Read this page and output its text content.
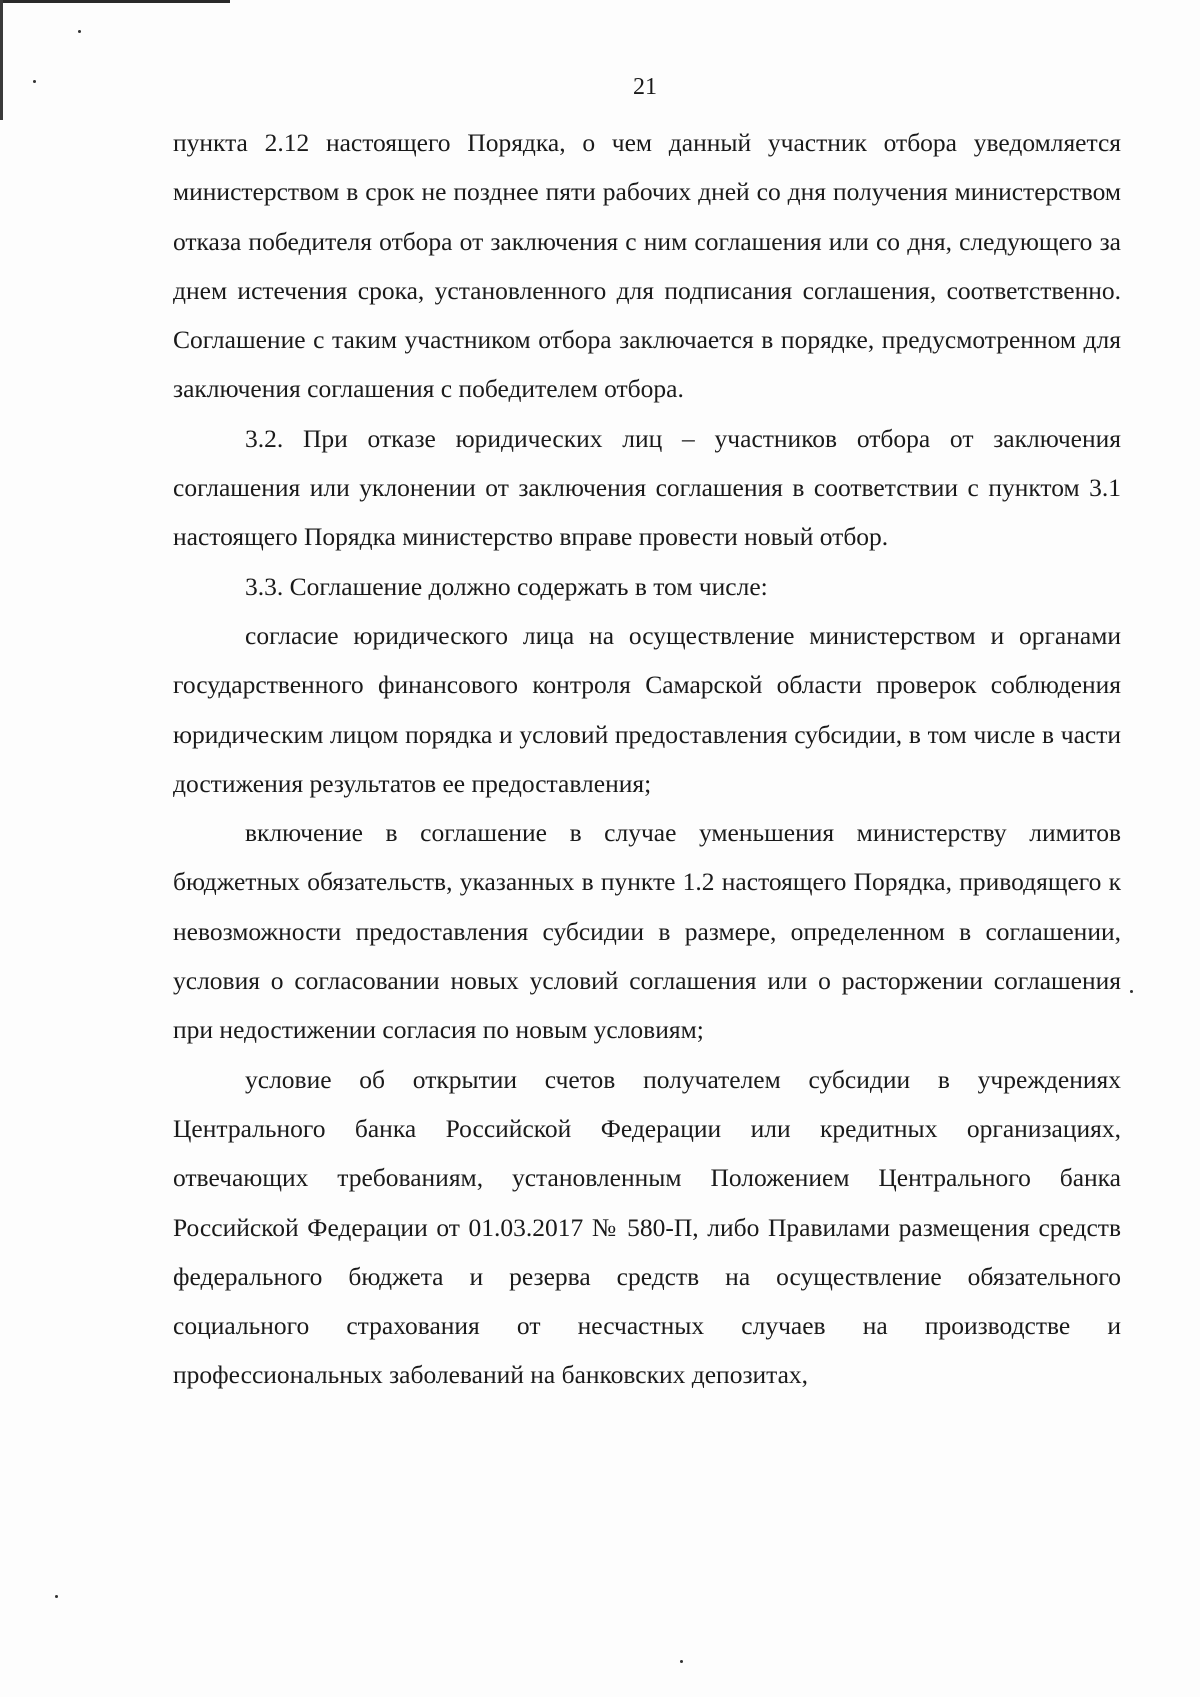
21

пункта 2.12 настоящего Порядка, о чем данный участник отбора уведомляется министерством в срок не позднее пяти рабочих дней со дня получения министерством отказа победителя отбора от заключения с ним соглашения или со дня, следующего за днем истечения срока, установленного для подписания соглашения, соответственно. Соглашение с таким участником отбора заключается в порядке, предусмотренном для заключения соглашения с победителем отбора.

3.2. При отказе юридических лиц – участников отбора от заключения соглашения или уклонении от заключения соглашения в соответствии с пунктом 3.1 настоящего Порядка министерство вправе провести новый отбор.

3.3. Соглашение должно содержать в том числе:

согласие юридического лица на осуществление министерством и органами государственного финансового контроля Самарской области проверок соблюдения юридическим лицом порядка и условий предоставления субсидии, в том числе в части достижения результатов ее предоставления;

включение в соглашение в случае уменьшения министерству лимитов бюджетных обязательств, указанных в пункте 1.2 настоящего Порядка, приводящего к невозможности предоставления субсидии в размере, определенном в соглашении, условия о согласовании новых условий соглашения или о расторжении соглашения при недостижении согласия по новым условиям;

условие об открытии счетов получателем субсидии в учреждениях Центрального банка Российской Федерации или кредитных организациях, отвечающих требованиям, установленным Положением Центрального банка Российской Федерации от 01.03.2017 № 580-П, либо Правилами размещения средств федерального бюджета и резерва средств на осуществление обязательного социального страхования от несчастных случаев на производстве и профессиональных заболеваний на банковских депозитах,
